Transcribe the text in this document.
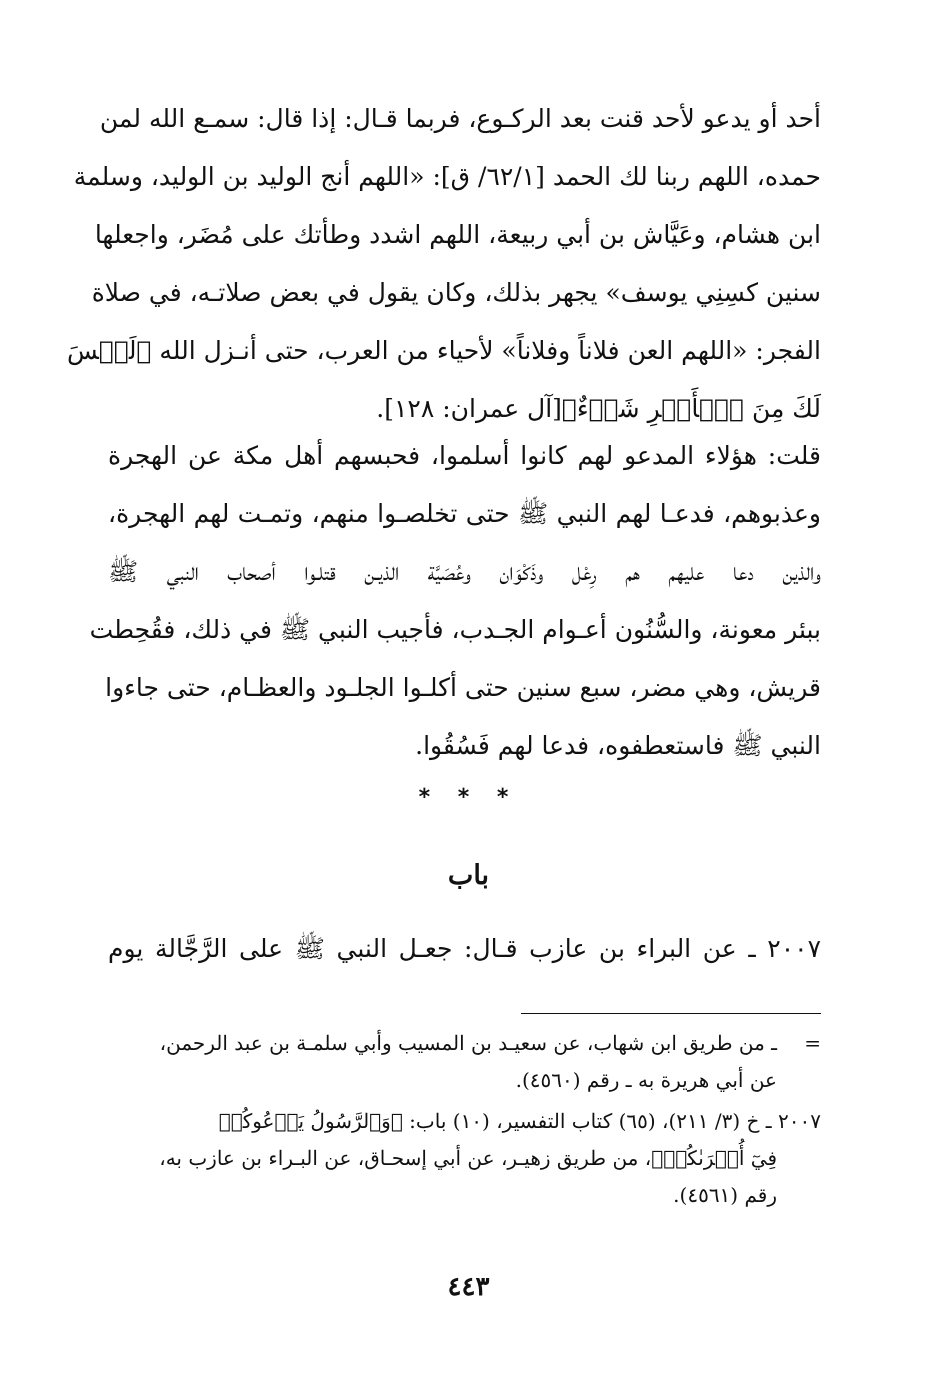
أحد أو يدعو لأحد قنت بعد الركـوع، فربما قـال: إذا قال: سمـع الله لمن
حمده، اللهم ربنا لك الحمد [٦٢/١/ ق]: «اللهم أنج الوليد بن الوليد، وسلمة
ابن هشام، وعَيَّاش بن أبي ربيعة، اللهم اشدد وطأتك على مُضَر، واجعلها
سنين كسِنِي يوسف» يجهر بذلك، وكان يقول في بعض صلاتـه، في صلاة
الفجر: «اللهم العن فلاناً وفلاناً» لأحياء من العرب، حتى أنـزل الله ﴿لَيۡسَ
لَكَ مِنَ ٱلۡأَمۡرِ شَيۡءٌ﴾[آل عمران: ١٢٨].
قلت: هؤلاء المدعو لهم كانوا أسلموا، فحبسهم أهل مكة عن الهجرة
وعذبوهم، فدعـا لهم النبي ﷺ حتى تخلصـوا منهم، وتمـت لهم الهجرة،
والذين دعا عليهم هم رِعْل وذَكْوَان وعُصَيَّة الذيـن قتلـوا أصحاب النبي ﷺ
ببئر معونة، والسُّنُون أعـوام الجـدب، فأجيب النبي ﷺ في ذلك، فقُحِطت
قريش، وهي مضر، سبع سنين حتى أكلـوا الجلـود والعظـام، حتى جاءوا
النبي ﷺ فاستعطفوه، فدعا لهم فَسُقُوا.
* * *
باب
٢٠٠٧ ـ عن البراء بن عازب قـال: جعـل النبي ﷺ على الرَّجَّالة يوم
=ـ من طريق ابن شهاب، عن سعيـد بن المسيب وأبي سلمـة بن عبد الرحمن،
عن أبي هريرة به ـ رقم (٤٥٦٠).
٢٠٠٧ ـ خ (٣/ ٢١١)، (٦٥) كتاب التفسير، (١٠) باب: ﴿وَٱلرَّسُولُ يَدۡعُوكُمۡ
فِيٓ أُخۡرَىٰكُمۡ﴾، من طريق زهيـر، عن أبي إسحـاق، عن البـراء بن عازب به،
رقم (٤٥٦١).
٤٤٣
